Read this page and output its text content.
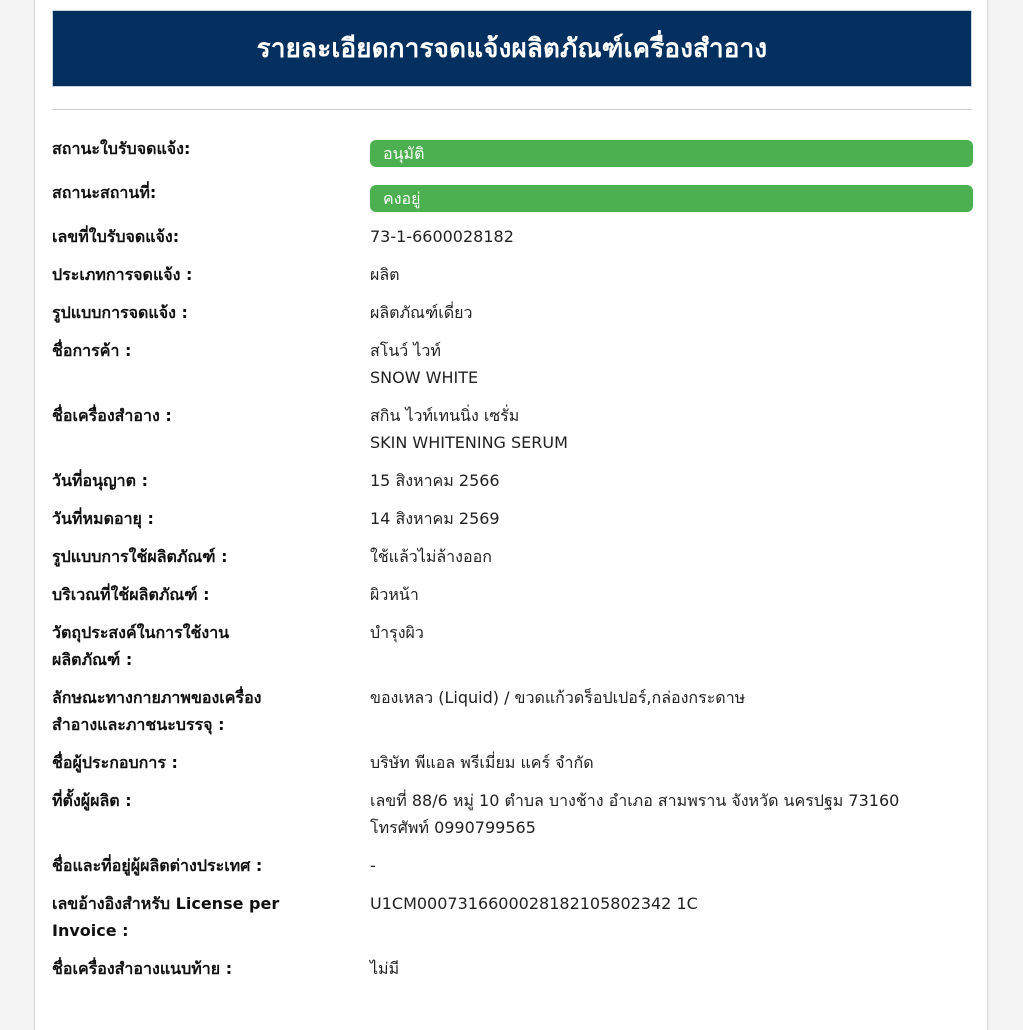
รายละเอียดการจดแจ้งผลิตภัณฑ์เครื่องสำอาง
สถานะใบรับจดแจ้ง:	อนุมัติ
สถานะสถานที่:	คงอยู่
เลขที่ใบรับจดแจ้ง:	73-1-6600028182
ประเภทการจดแจ้ง :	ผลิต
รูปแบบการจดแจ้ง :	ผลิตภัณฑ์เดี่ยว
ชื่อการค้า :	สโนว์ ไวท์
SNOW WHITE
ชื่อเครื่องสำอาง :	สกิน ไวท์เทนนิ่ง เซรั่ม
SKIN WHITENING SERUM
วันที่อนุญาต :	15 สิงหาคม 2566
วันที่หมดอายุ :	14 สิงหาคม 2569
รูปแบบการใช้ผลิตภัณฑ์ :	ใช้แล้วไม่ล้างออก
บริเวณที่ใช้ผลิตภัณฑ์ :	ผิวหน้า
วัตถุประสงค์ในการใช้งาน
ผลิตภัณฑ์ :
บำรุงผิว
ลักษณะทางกายภาพของเครื่อง
สำอางและภาชนะบรรจุ :
ของเหลว (Liquid) / ขวดแก้วดร็อปเปอร์,กล่องกระดาษ
ชื่อผู้ประกอบการ :	บริษัท พีแอล พรีเมี่ยม แคร์ จำกัด
ที่ตั้งผู้ผลิต :	เลขที่ 88/6 หมู่ 10 ตำบล บางช้าง อำเภอ สามพราน จังหวัด นครปฐม 73160
โทรศัพท์ 0990799565
ชื่อและที่อยู่ผู้ผลิตต่างประเทศ :	-
เลขอ้างอิงสำหรับ License per
Invoice :
U1CM0007316600028182105802342 1C
ชื่อเครื่องสำอางแนบท้าย :	ไม่มี
